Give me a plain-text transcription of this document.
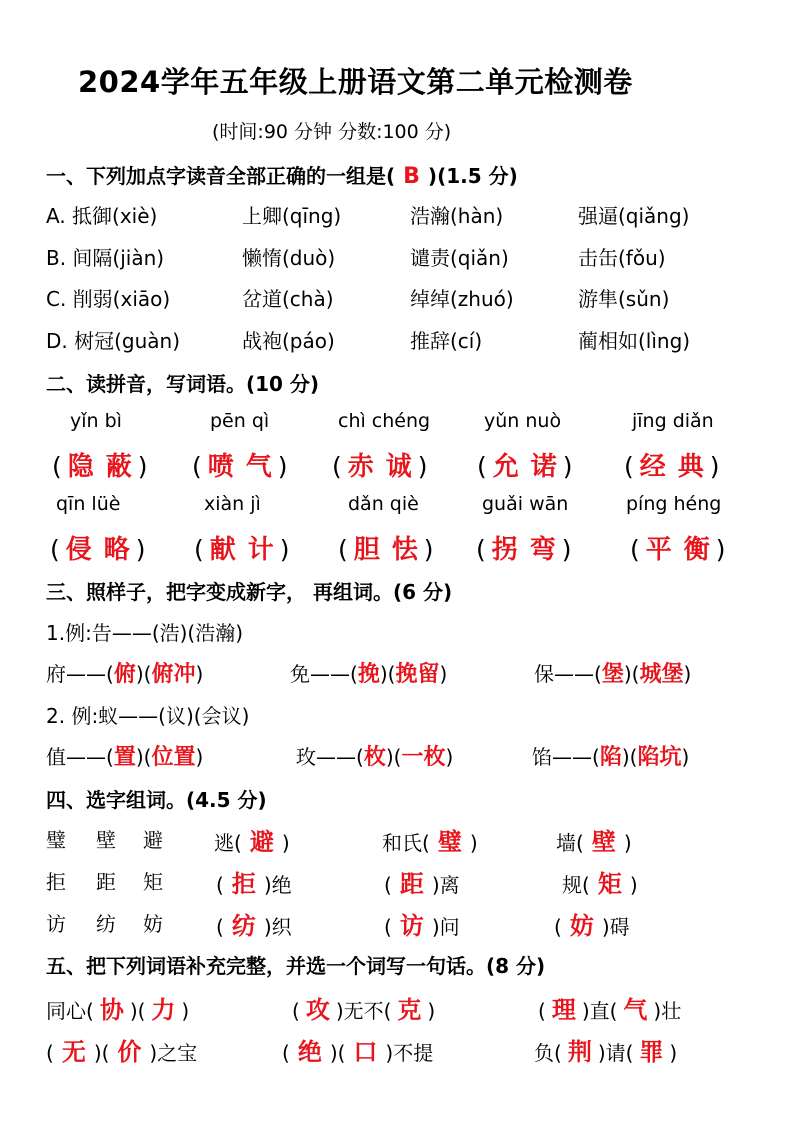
2024学年五年级上册语文第二单元检测卷
(时间:90 分钟 分数:100 分)
一、下列加点字读音全部正确的一组是( B )(1.5 分)
A. 抵御(xiè)	上卿(qīng)	浩瀚(hàn)	强逼(qiǎng)
B. 间隔(jiàn)	懒惰(duò)	谴责(qiǎn)	击缶(fǒu)
C. 削弱(xiāo)	岔道(chà)	绰绰(zhuó)	游隼(sǔn)
D. 树冠(guàn)	战袍(páo)	推辞(cí)	蔺相如(lìng)
二、读拼音，写词语。(10 分)
yǐn bì	pēn qì	chì chéng	yǔn nuò	jīng diǎn
( 隐 蔽 ) ( 喷 气 ) ( 赤 诚 ) ( 允 诺 ) ( 经 典 )
qīn lüè	xiàn jì	dǎn qiè	guǎi wān	píng héng
( 侵 略 ) ( 献 计 ) ( 胆 怯 ) ( 拐 弯 ) ( 平 衡 )
三、照样子，把字变成新字， 再组词。(6 分)
1.例:告——(浩)(浩瀚)
府——(俯)(俯冲)	免——(挽)(挽留)	保——(堡)(城堡)
2. 例:蚁——(议)(会议)
值——(置)(位置)	玫——(枚)(一枚)	馅——(陷)(陷坑)
四、选字组词。(4.5 分)
璧 壁 避	逃( 避 )	和氏( 璧 )	墙( 壁 )
拒 距 矩	( 拒 )绝	( 距 )离	规( 矩 )
访 纺 妨	( 纺 )织	( 访 )问	( 妨 )碍
五、把下列词语补充完整，并选一个词写一句话。(8 分)
同心( 协 )( 力 )	( 攻 )无不( 克 )	( 理 )直( 气 )壮
( 无 )( 价 )之宝	( 绝 )( 口 )不提	负( 荆 )请( 罪 )
